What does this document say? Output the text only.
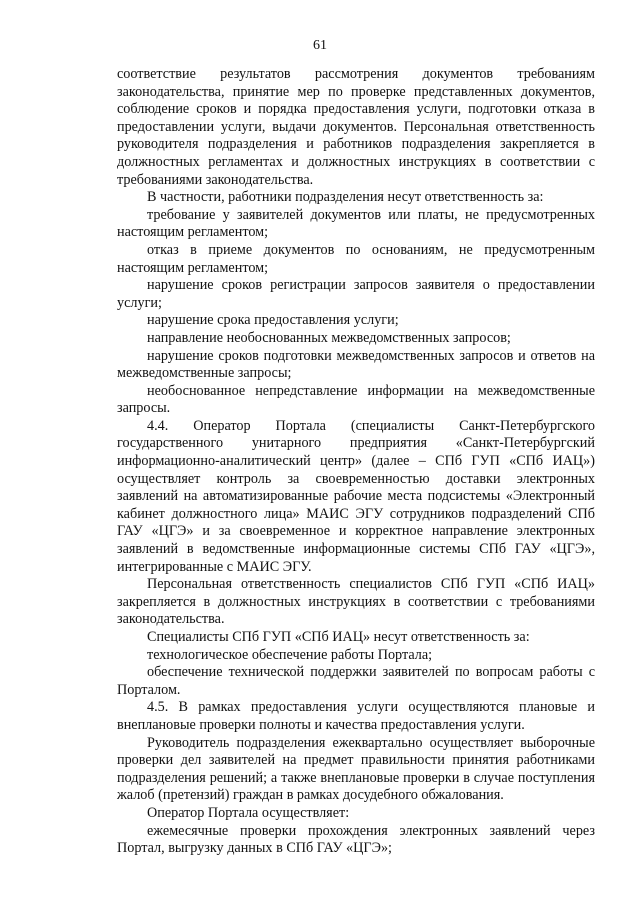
61

соответствие результатов рассмотрения документов требованиям законодательства, принятие мер по проверке представленных документов, соблюдение сроков и порядка предоставления услуги, подготовки отказа в предоставлении услуги, выдачи документов. Персональная ответственность руководителя подразделения и работников подразделения закрепляется в должностных регламентах и должностных инструкциях в соответствии с требованиями законодательства.

В частности, работники подразделения несут ответственность за:

требование у заявителей документов или платы, не предусмотренных настоящим регламентом;

отказ в приеме документов по основаниям, не предусмотренным настоящим регламентом;

нарушение сроков регистрации запросов заявителя о предоставлении услуги;

нарушение срока предоставления услуги;

направление необоснованных межведомственных запросов;

нарушение сроков подготовки межведомственных запросов и ответов на межведомственные запросы;

необоснованное непредставление информации на межведомственные запросы.

4.4. Оператор Портала (специалисты Санкт-Петербургского государственного унитарного предприятия «Санкт-Петербургский информационно-аналитический центр» (далее – СПб ГУП «СПб ИАЦ») осуществляет контроль за своевременностью доставки электронных заявлений на автоматизированные рабочие места подсистемы «Электронный кабинет должностного лица» МАИС ЭГУ сотрудников подразделений СПб ГАУ «ЦГЭ» и за своевременное и корректное направление электронных заявлений в ведомственные информационные системы СПб ГАУ «ЦГЭ», интегрированные с МАИС ЭГУ.

Персональная ответственность специалистов СПб ГУП «СПб ИАЦ» закрепляется в должностных инструкциях в соответствии с требованиями законодательства.

Специалисты СПб ГУП «СПб ИАЦ» несут ответственность за:

технологическое обеспечение работы Портала;

обеспечение технической поддержки заявителей по вопросам работы с Порталом.

4.5. В рамках предоставления услуги осуществляются плановые и внеплановые проверки полноты и качества предоставления услуги.

Руководитель подразделения ежеквартально осуществляет выборочные проверки дел заявителей на предмет правильности принятия работниками подразделения решений; а также внеплановые проверки в случае поступления жалоб (претензий) граждан в рамках досудебного обжалования.

Оператор Портала осуществляет:

ежемесячные проверки прохождения электронных заявлений через Портал, выгрузку данных в СПб ГАУ «ЦГЭ»;
